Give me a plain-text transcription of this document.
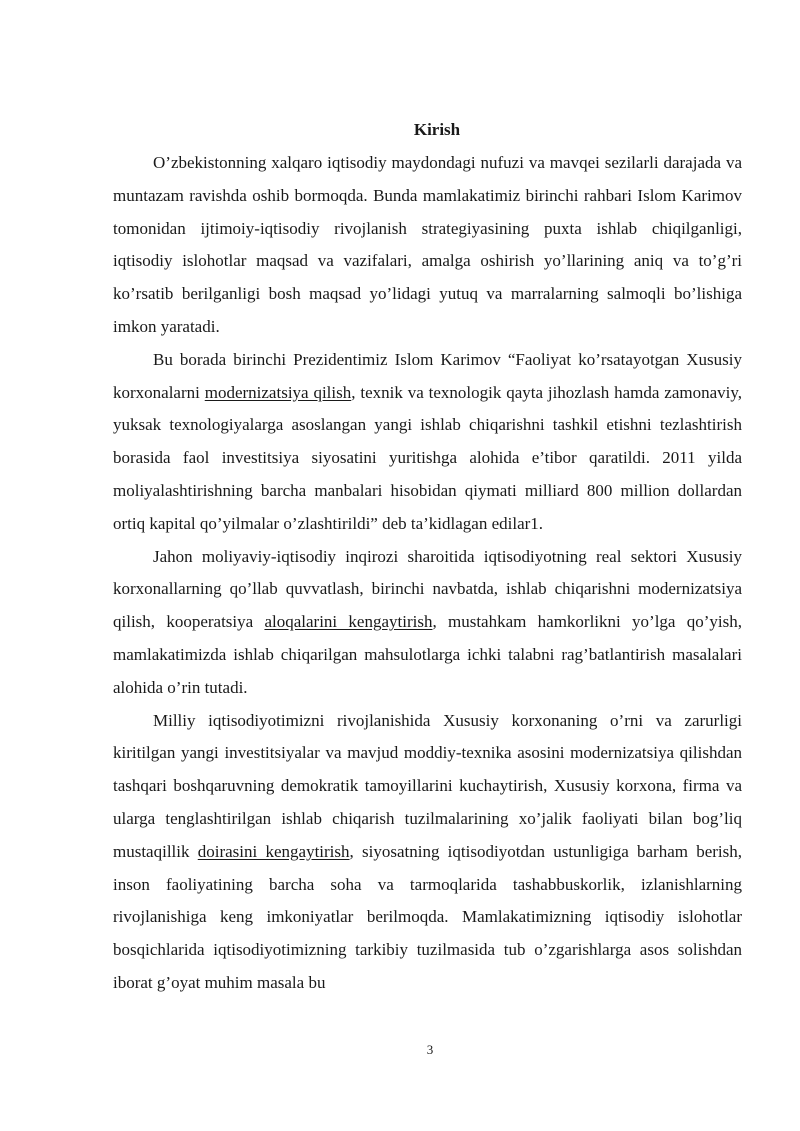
Kirish

O’zbekistonning xalqaro iqtisodiy maydondagi nufuzi va mavqei sezilarli darajada va muntazam ravishda oshib bormoqda. Bunda mamlakatimiz birinchi rahbari Islom Karimov tomonidan ijtimoiy-iqtisodiy rivojlanish strategiyasining puxta ishlab chiqilganligi, iqtisodiy islohotlar maqsad va vazifalari, amalga oshirish yo’llarining aniq va to’g’ri ko’rsatib berilganligi bosh maqsad yo’lidagi yutuq va marralarning salmoqli bo’lishiga imkon yaratadi.

Bu borada birinchi Prezidentimiz Islom Karimov “Faoliyat ko’rsatayotgan Xususiy korxonalarni modernizatsiya qilish, texnik va texnologik qayta jihozlash hamda zamonaviy, yuksak texnologiyalarga asoslangan yangi ishlab chiqarishni tashkil etishni tezlashtirish borasida faol investitsiya siyosatini yuritishga alohida e’tibor qaratildi. 2011 yilda moliyalashtirishning barcha manbalari hisobidan qiymati milliard 800 million dollardan ortiq kapital qo’yilmalar o’zlashtirildi” deb ta’kidlagan edilar1.

Jahon moliyaviy-iqtisodiy inqirozi sharoitida iqtisodiyotning real sektori Xususiy korxonallarning qo’llab quvvatlash, birinchi navbatda, ishlab chiqarishni modernizatsiya qilish, kooperatsiya aloqalarini kengaytirish, mustahkam hamkorlikni yo’lga qo’yish, mamlakatimizda ishlab chiqarilgan mahsulotlarga ichki talabni rag’batlantirish masalalari alohida o’rin tutadi.

Milliy iqtisodiyotimizni rivojlanishida Xususiy korxonaning o’rni va zarurligi kiritilgan yangi investitsiyalar va mavjud moddiy-texnika asosini modernizatsiya qilishdan tashqari boshqaruvning demokratik tamoyillarini kuchaytirish, Xususiy korxona, firma va ularga tenglashtirilgan ishlab chiqarish tuzilmalarining xo’jalik faoliyati bilan bog’liq mustaqillik doirasini kengaytirish, siyosatning iqtisodiyotdan ustunligiga barham berish, inson faoliyatining barcha soha va tarmoqlarida tashabbuskorlik, izlanishlarning rivojlanishiga keng imkoniyatlar berilmoqda. Mamlakatimizning iqtisodiy islohotlar bosqichlarida iqtisodiyotimizning tarkibiy tuzilmasida tub o’zgarishlarga asos solishdan iborat g’oyat muhim masala bu

3
